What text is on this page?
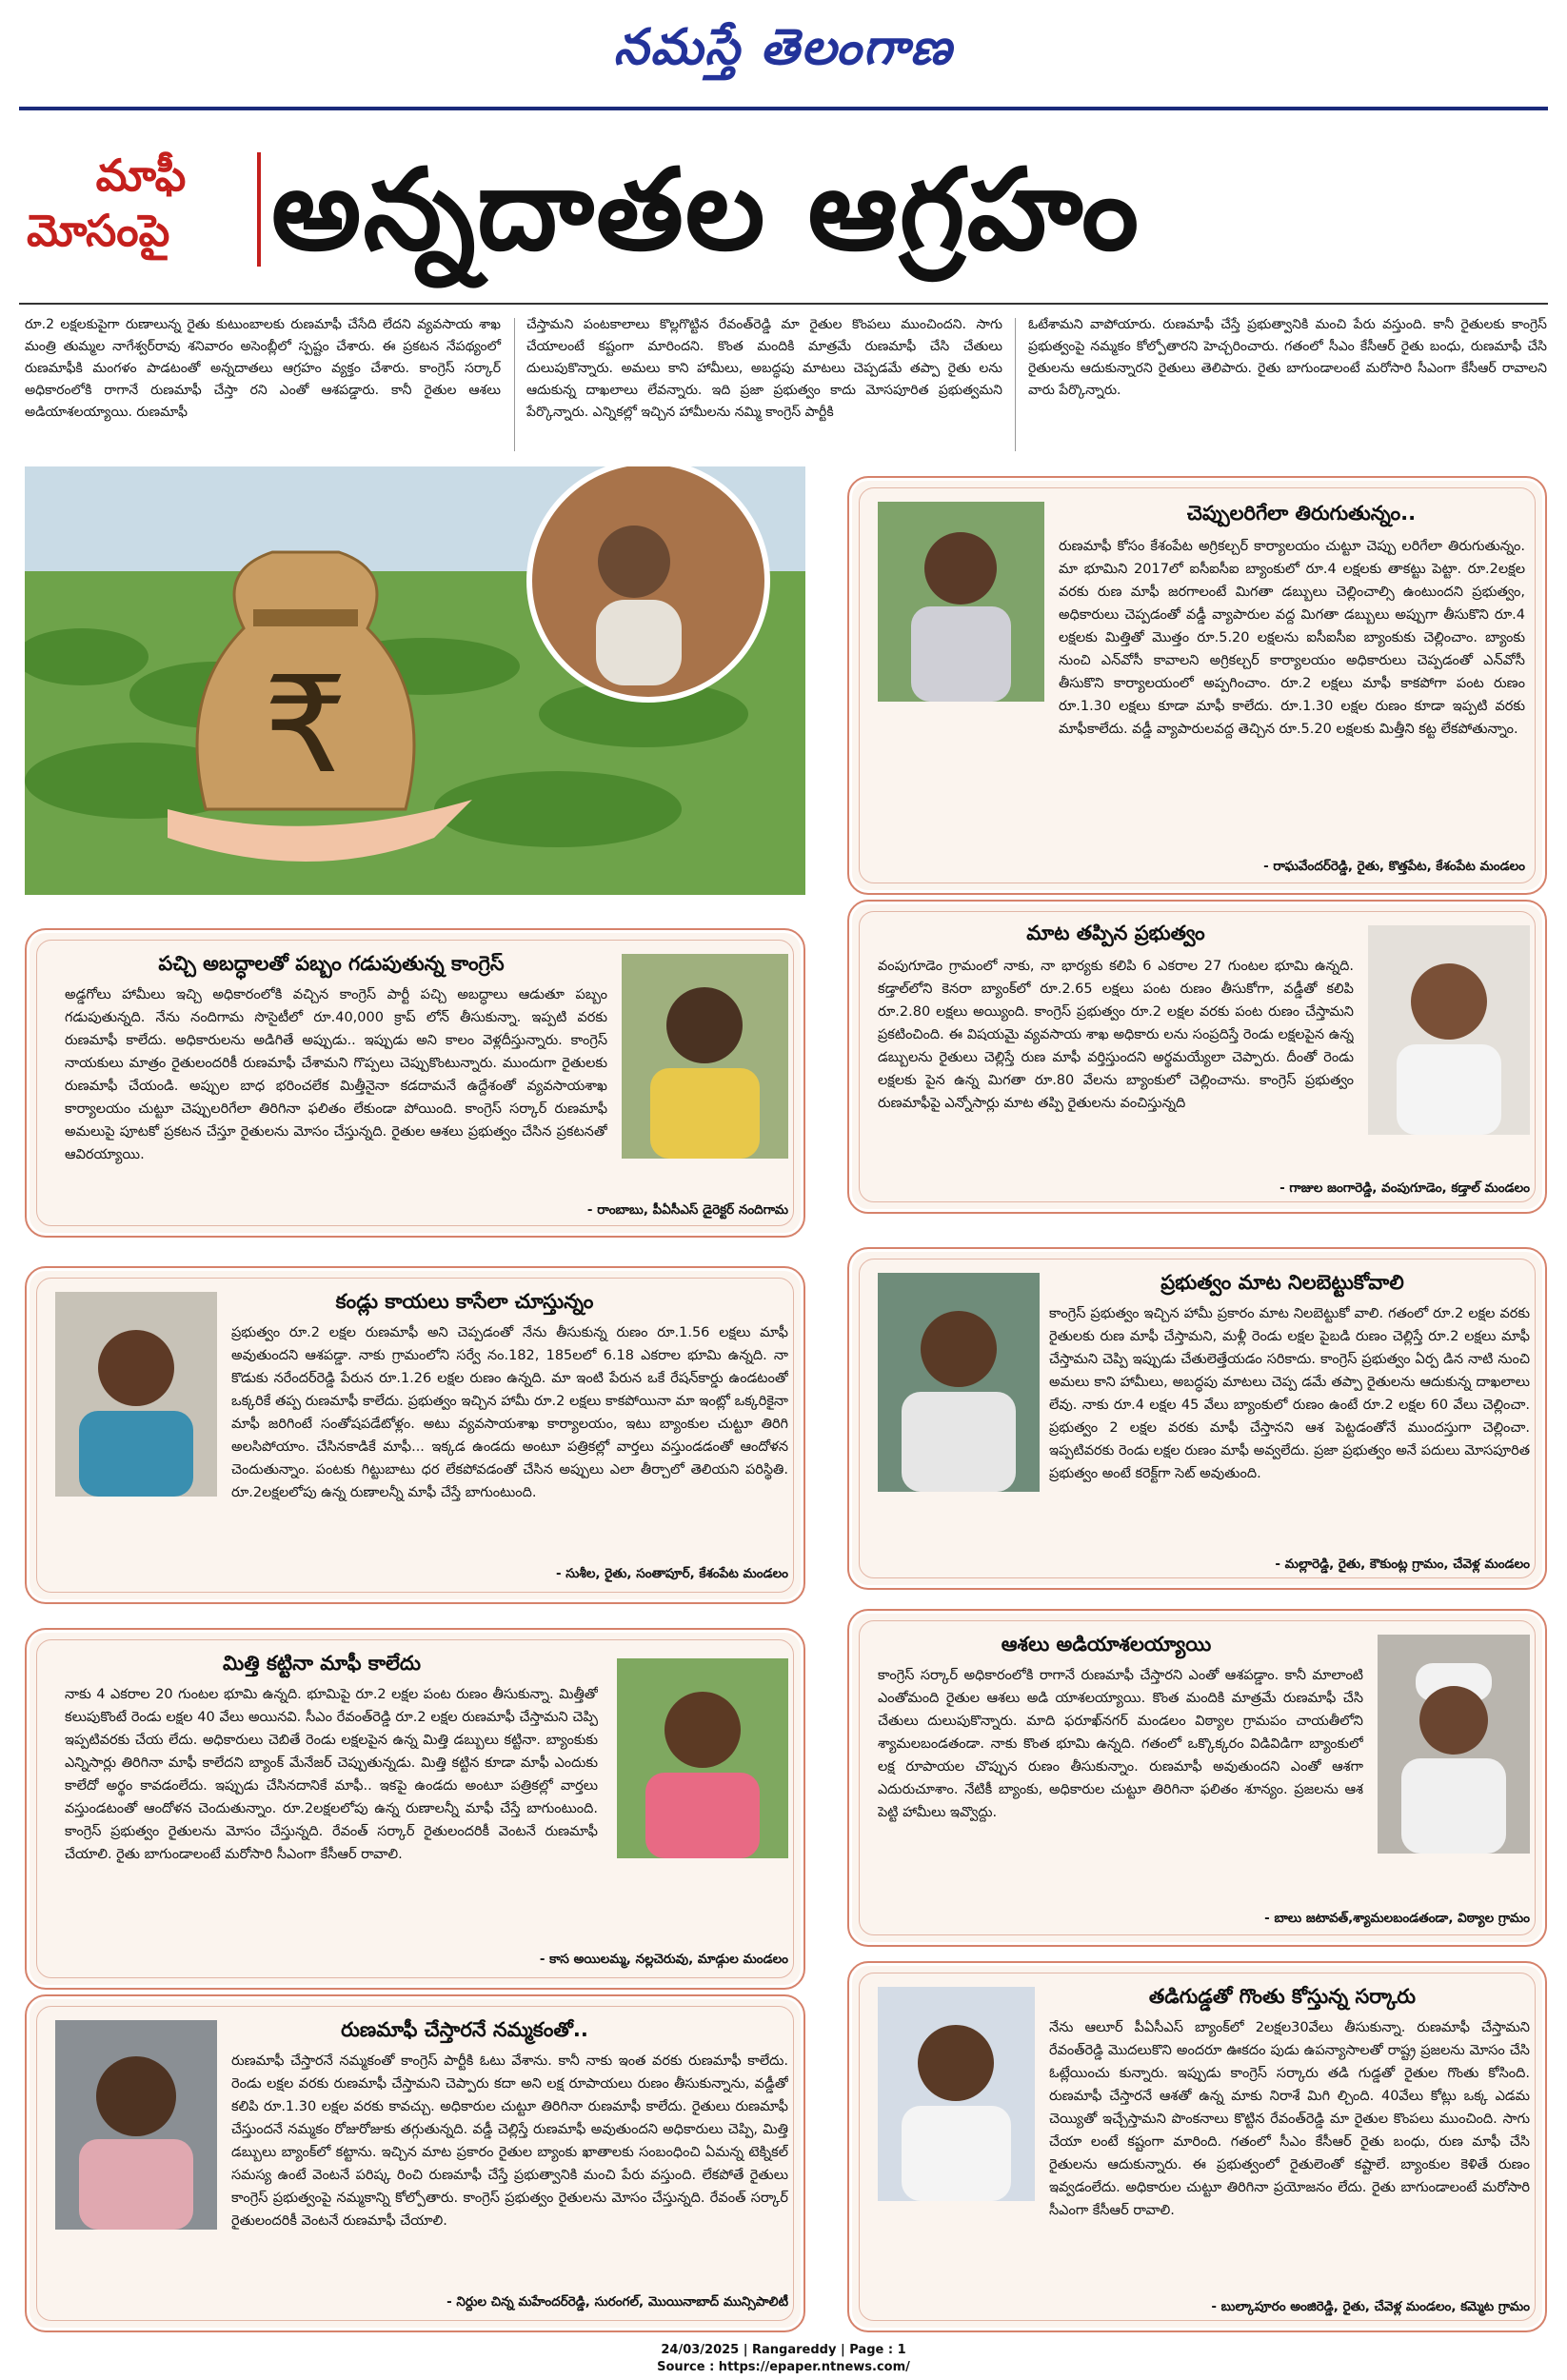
నమస్తే తెలంగాణ
మాఫీ
మోసంపై అన్నదాతల ఆగ్రహం

రూ.2 లక్షలకుపైగా రుణాలున్న రైతు కుటుంబాలకు రుణమాఫీ చేసేది లేదని వ్యవసాయ శాఖ మంత్రి తుమ్మల నాగేశ్వర్‌రావు శనివారం అసెంబ్లీలో స్పష్టం చేశారు. ఈ ప్రకటన నేపథ్యంలో రుణమాఫీకి మంగళం పాడటంతో అన్నదాతలు ఆగ్రహం వ్యక్తం చేశారు. కాంగ్రెస్ సర్కార్ అధికారంలోకి రాగానే రుణమాఫీ చేస్తా రని ఎంతో ఆశపడ్డారు. కానీ రైతుల ఆశలు అడియాశలయ్యాయి. రుణమాఫీ

చేస్తామని పంటకాలాలు కొల్లగొట్టిన రేవంత్‌రెడ్డి మా రైతుల కొంపలు ముంచిందని. సాగు చేయాలంటే కష్టంగా మారిందని. కొంత మందికి మాత్రమే రుణమాఫీ చేసి చేతులు దులుపుకొన్నారు. అమలు కాని హామీలు, అబద్ధపు మాటలు చెప్పడమే తప్పా రైతు లను ఆదుకున్న దాఖలాలు లేవన్నారు. ఇది ప్రజా ప్రభుత్వం కాదు మోసపూరిత ప్రభుత్వమని పేర్కొన్నారు. ఎన్నికల్లో ఇచ్చిన హామీలను నమ్మి కాంగ్రెస్ పార్టీకి

ఓటేశామని వాపోయారు. రుణమాఫీ చేస్తే ప్రభుత్వానికి మంచి పేరు వస్తుంది. కానీ రైతులకు కాంగ్రెస్ ప్రభుత్వంపై నమ్మకం కోల్పోతారని హెచ్చరించారు. గతంలో సీఎం కేసీఆర్ రైతు బంధు, రుణమాఫీ చేసి రైతులను ఆదుకున్నారని రైతులు తెలిపారు. రైతు బాగుండాలంటే మరోసారి సీఎంగా కేసీఆర్ రావాలని వారు పేర్కొన్నారు.

₹
చెప్పులరిగేలా తిరుగుతున్నం..
రుణమాఫీ కోసం కేశంపేట అగ్రికల్చర్ కార్యాలయం చుట్టూ చెప్పు లరిగేలా తిరుగుతున్నం. మా భూమిని 2017లో ఐసీఐసీఐ బ్యాంకులో రూ.4 లక్షలకు తాకట్టు పెట్టా. రూ.2లక్షల వరకు రుణ మాఫీ జరగాలంటే మిగతా డబ్బులు చెల్లించాల్సి ఉంటుందని ప్రభుత్వం, అధికారులు చెప్పడంతో వడ్డీ వ్యాపారుల వద్ద మిగతా డబ్బులు అప్పుగా తీసుకొని రూ.4 లక్షలకు మిత్తితో మొత్తం రూ.5.20 లక్షలను ఐసీఐసీఐ బ్యాంకుకు చెల్లించాం. బ్యాంకు నుంచి ఎన్‌వోసీ కావాలని అగ్రికల్చర్ కార్యాలయం అధికారులు చెప్పడంతో ఎన్‌వోసీ తీసుకొని కార్యాలయంలో అప్పగించాం. రూ.2 లక్షలు మాఫీ కాకపోగా పంట రుణం రూ.1.30 లక్షలు కూడా మాఫీ కాలేదు. రూ.1.30 లక్షల రుణం కూడా ఇప్పటి వరకు మాఫీకాలేదు. వడ్డీ వ్యాపారులవద్ద తెచ్చిన రూ.5.20 లక్షలకు మిత్తీని కట్ట లేకపోతున్నాం.
- రాఘవేందర్‌రెడ్డి, రైతు, కొత్తపేట, కేశంపేట మండలం
పచ్చి అబద్ధాలతో పబ్బం గడుపుతున్న కాంగ్రెస్
అడ్డగోలు హామీలు ఇచ్చి అధికారంలోకి వచ్చిన కాంగ్రెస్ పార్టీ పచ్చి అబద్ధాలు ఆడుతూ పబ్బం గడుపుతున్నది. నేను నందిగామ సొసైటీలో రూ.40,000 క్రాప్ లోన్ తీసుకున్నా. ఇప్పటి వరకు రుణమాఫీ కాలేదు. అధికారులను అడిగితే అప్పుడు.. ఇప్పుడు అని కాలం వెళ్లదీస్తున్నారు. కాంగ్రెస్ నాయకులు మాత్రం రైతులందరికీ రుణమాఫీ చేశామని గొప్పలు చెప్పుకొంటున్నారు. ముందుగా రైతులకు రుణమాఫీ చేయండి. అప్పుల బాధ భరించలేక మిత్తీనైనా కడదామనే ఉద్దేశంతో వ్యవసాయశాఖ కార్యాలయం చుట్టూ చెప్పులరిగేలా తిరిగినా ఫలితం లేకుండా పోయింది. కాంగ్రెస్ సర్కార్ రుణమాఫీ అమలుపై పూటకో ప్రకటన చేస్తూ రైతులను మోసం చేస్తున్నది. రైతుల ఆశలు ప్రభుత్వం చేసిన ప్రకటనతో ఆవిరయ్యాయి.
- రాంబాబు, పీఏసీఎస్ డైరెక్టర్ నందిగామ
మాట తప్పిన ప్రభుత్వం
వంపుగూడెం గ్రామంలో నాకు, నా భార్యకు కలిపి 6 ఎకరాల 27 గుంటల భూమి ఉన్నది. కడ్తాల్‌లోని కెనరా బ్యాంక్‌లో రూ.2.65 లక్షలు పంట రుణం తీసుకోగా, వడ్డీతో కలిపి రూ.2.80 లక్షలు అయ్యింది. కాంగ్రెస్ ప్రభుత్వం రూ.2 లక్షల వరకు పంట రుణం చేస్తామని ప్రకటించింది. ఈ విషయమై వ్యవసాయ శాఖ అధికారు లను సంప్రదిస్తే రెండు లక్షలపైన ఉన్న డబ్బులను రైతులు చెల్లిస్తే రుణ మాఫీ వర్తిస్తుందని అర్థమయ్యేలా చెప్పారు. దీంతో రెండు లక్షలకు పైన ఉన్న మిగతా రూ.80 వేలను బ్యాంకులో చెల్లించాను. కాంగ్రెస్ ప్రభుత్వం రుణమాఫీపై ఎన్నోసార్లు మాట తప్పి రైతులను వంచిస్తున్నది
- గాజుల జంగారెడ్డి, వంపుగూడెం, కడ్తాల్ మండలం
కండ్లు కాయలు కాసేలా చూస్తున్నం
ప్రభుత్వం రూ.2 లక్షల రుణమాఫీ అని చెప్పడంతో నేను తీసుకున్న రుణం రూ.1.56 లక్షలు మాఫీ అవుతుందని ఆశపడ్డా. నాకు గ్రామంలోని సర్వే నం.182, 185లలో 6.18 ఎకరాల భూమి ఉన్నది. నా కొడుకు నరేందర్‌రెడ్డి పేరున రూ.1.26 లక్షల రుణం ఉన్నది. మా ఇంటి పేరున ఒకే రేషన్‌కార్డు ఉండటంతో ఒక్కరికే తప్ప రుణమాఫీ కాలేదు. ప్రభుత్వం ఇచ్చిన హామీ రూ.2 లక్షలు కాకపోయినా మా ఇంట్లో ఒక్కరికైనా మాఫీ జరిగింటే సంతోషపడేటోళ్లం. అటు వ్యవసాయశాఖ కార్యాలయం, ఇటు బ్యాంకుల చుట్టూ తిరిగి అలసిపోయాం. చేసినకాడికే మాఫీ... ఇక్కడ ఉండదు అంటూ పత్రికల్లో వార్తలు వస్తుండడంతో ఆందోళన చెందుతున్నాం. పంటకు గిట్టుబాటు ధర లేకపోవడంతో చేసిన అప్పులు ఎలా తీర్చాలో తెలియని పరిస్థితి. రూ.2లక్షలలోపు ఉన్న రుణాలన్నీ మాఫీ చేస్తే బాగుంటుంది.
- సుశీల, రైతు, సంతాపూర్, కేశంపేట మండలం
ప్రభుత్వం మాట నిలబెట్టుకోవాలి
కాంగ్రెస్ ప్రభుత్వం ఇచ్చిన హామీ ప్రకారం మాట నిలబెట్టుకో వాలి. గతంలో రూ.2 లక్షల వరకు రైతులకు రుణ మాఫీ చేస్తామని, మళ్లీ రెండు లక్షల పైబడి రుణం చెల్లిస్తే రూ.2 లక్షలు మాఫీ చేస్తామని చెప్పి ఇప్పుడు చేతులెత్తేయడం సరికాదు. కాంగ్రెస్ ప్రభుత్వం ఏర్ప డిన నాటి నుంచి అమలు కాని హామీలు, అబద్ధపు మాటలు చెప్ప డమే తప్పా రైతులను ఆదుకున్న దాఖలాలు లేవు. నాకు రూ.4 లక్షల 45 వేలు బ్యాంకులో రుణం ఉంటే రూ.2 లక్షల 60 వేలు చెల్లించా. ప్రభుత్వం 2 లక్షల వరకు మాఫీ చేస్తానని ఆశ పెట్టడంతోనే ముందస్తుగా చెల్లించా. ఇప్పటివరకు రెండు లక్షల రుణం మాఫీ అవ్వలేదు. ప్రజా ప్రభుత్వం అనే పదులు మోసపూరిత ప్రభుత్వం అంటే కరెక్ట్‌గా సెట్ అవుతుంది.
- మల్లారెడ్డి, రైతు, కౌకుంట్ల గ్రామం, చేవెళ్ల మండలం
మిత్తి కట్టినా మాఫీ కాలేదు
నాకు 4 ఎకరాల 20 గుంటల భూమి ఉన్నది. భూమిపై రూ.2 లక్షల పంట రుణం తీసుకున్నా. మిత్తీతో కలుపుకొంటే రెండు లక్షల 40 వేలు అయినవి. సీఎం రేవంత్‌రెడ్డి రూ.2 లక్షల రుణమాఫీ చేస్తామని చెప్పి ఇప్పటివరకు చేయ లేదు. అధికారులు చెబితే రెండు లక్షలపైన ఉన్న మిత్తి డబ్బులు కట్టినా. బ్యాంకుకు ఎన్నిసార్లు తిరిగినా మాఫీ కాలేదని బ్యాంక్ మేనేజర్ చెప్పుతున్నడు. మిత్తి కట్టిన కూడా మాఫీ ఎందుకు కాలేదో అర్థం కావడంలేదు. ఇప్పుడు చేసినదానికే మాఫీ.. ఇకపై ఉండదు అంటూ పత్రికల్లో వార్తలు వస్తుండటంతో ఆందోళన చెందుతున్నాం. రూ.2లక్షలలోపు ఉన్న రుణాలన్నీ మాఫీ చేస్తే బాగుంటుంది. కాంగ్రెస్ ప్రభుత్వం రైతులను మోసం చేస్తున్నది. రేవంత్ సర్కార్ రైతులందరికీ వెంటనే రుణమాఫీ చేయాలి. రైతు బాగుండాలంటే మరోసారి సీఎంగా కేసీఆర్ రావాలి.
- కాస అయిలమ్మ, నల్లచెరువు, మాడ్గుల మండలం
ఆశలు అడియాశలయ్యాయి
కాంగ్రెస్ సర్కార్ అధికారంలోకి రాగానే రుణమాఫీ చేస్తారని ఎంతో ఆశపడ్డాం. కానీ మాలాంటి ఎంతోమంది రైతుల ఆశలు అడి యాశలయ్యాయి. కొంత మందికి మాత్రమే రుణమాఫీ చేసి చేతులు దులుపుకొన్నారు. మాది ఫరూఖ్‌నగర్ మండలం విఠ్యాల గ్రామపం చాయతీలోని శ్యామలబండతండా. నాకు కొంత భూమి ఉన్నది. గతంలో ఒక్కొక్కరం విడివిడిగా బ్యాంకులో లక్ష రూపాయల చొప్పున రుణం తీసుకున్నాం. రుణమాఫీ అవుతుందని ఎంతో ఆశగా ఎదురుచూశాం. నేటికీ బ్యాంకు, అధికారుల చుట్టూ తిరిగినా ఫలితం శూన్యం. ప్రజలను ఆశ పెట్టి హామీలు ఇవ్వొద్దు.
- బాలు జటావత్,శ్యామలబండతండా, విఠ్యాల గ్రామం
రుణమాఫీ చేస్తారనే నమ్మకంతో..
రుణమాఫీ చేస్తారనే నమ్మకంతో కాంగ్రెస్ పార్టీకి ఓటు వేశాను. కానీ నాకు ఇంత వరకు రుణమాఫీ కాలేదు. రెండు లక్షల వరకు రుణమాఫీ చేస్తామని చెప్పారు కదా అని లక్ష రూపాయలు రుణం తీసుకున్నాను, వడ్డీతో కలిపి రూ.1.30 లక్షల వరకు కావచ్చు. అధికారుల చుట్టూ తిరిగినా రుణమాఫీ కాలేదు. రైతులు రుణమాఫీ చేస్తుందనే నమ్మకం రోజురోజుకు తగ్గుతున్నది. వడ్డీ చెల్లిస్తే రుణమాఫీ అవుతుందని అధికారులు చెప్పి, మిత్తి డబ్బులు బ్యాంక్‌లో కట్టాను. ఇచ్చిన మాట ప్రకారం రైతుల బ్యాంకు ఖాతాలకు సంబంధించి ఏమన్న టెక్నికల్ సమస్య ఉంటే వెంటనే పరిష్క రించి రుణమాఫీ చేస్తే ప్రభుత్వానికి మంచి పేరు వస్తుంది. లేకపోతే రైతులు కాంగ్రెస్ ప్రభుత్వంపై నమ్మకాన్ని కోల్పోతారు. కాంగ్రెస్ ప్రభుత్వం రైతులను మోసం చేస్తున్నది. రేవంత్ సర్కార్ రైతులందరికీ వెంటనే రుణమాఫీ చేయాలి.
- నిర్దుల చిన్న మహేందర్‌రెడ్డి, సురంగల్, మొయినాబాద్ మున్సిపాలిటీ
తడిగుడ్డతో గొంతు కోస్తున్న సర్కారు
నేను ఆలూర్ పీఏసీఎస్ బ్యాంక్‌లో 2లక్షల30వేలు తీసుకున్నా. రుణమాఫీ చేస్తామని రేవంత్‌రెడ్డి మొదలుకొని అందరూ ఊకదం పుడు ఉపన్యాసాలతో రాష్ట్ర ప్రజలను మోసం చేసి ఓట్లేయించు కున్నారు. ఇప్పుడు కాంగ్రెస్ సర్కారు తడి గుడ్డతో రైతుల గొంతు కోసింది. రుణమాఫీ చేస్తారనే ఆశతో ఉన్న మాకు నిరాశే మిగి ల్చింది. 40వేలు కోట్లు ఒక్క ఎడమ చెయ్యితో ఇచ్చేస్తామని పొంకనాలు కొట్టిన రేవంత్‌రెడ్డి మా రైతుల కొంపలు ముంచింది. సాగు చేయా లంటే కష్టంగా మారింది. గతంలో సీఎం కేసీఆర్ రైతు బంధు, రుణ మాఫీ చేసి రైతులను ఆదుకున్నారు. ఈ ప్రభుత్వంలో రైతులెంతో కష్టాలే. బ్యాంకుల కెళితే రుణం ఇవ్వడంలేదు. అధికారుల చుట్టూ తిరిగినా ప్రయోజనం లేదు. రైతు బాగుండాలంటే మరోసారి సీఎంగా కేసీఆర్ రావాలి.
- బుల్కాపూరం అంజిరెడ్డి, రైతు, చేవెళ్ల మండలం, కమ్మెట గ్రామం
24/03/2025 | Rangareddy | Page : 1
Source : https://epaper.ntnews.com/
